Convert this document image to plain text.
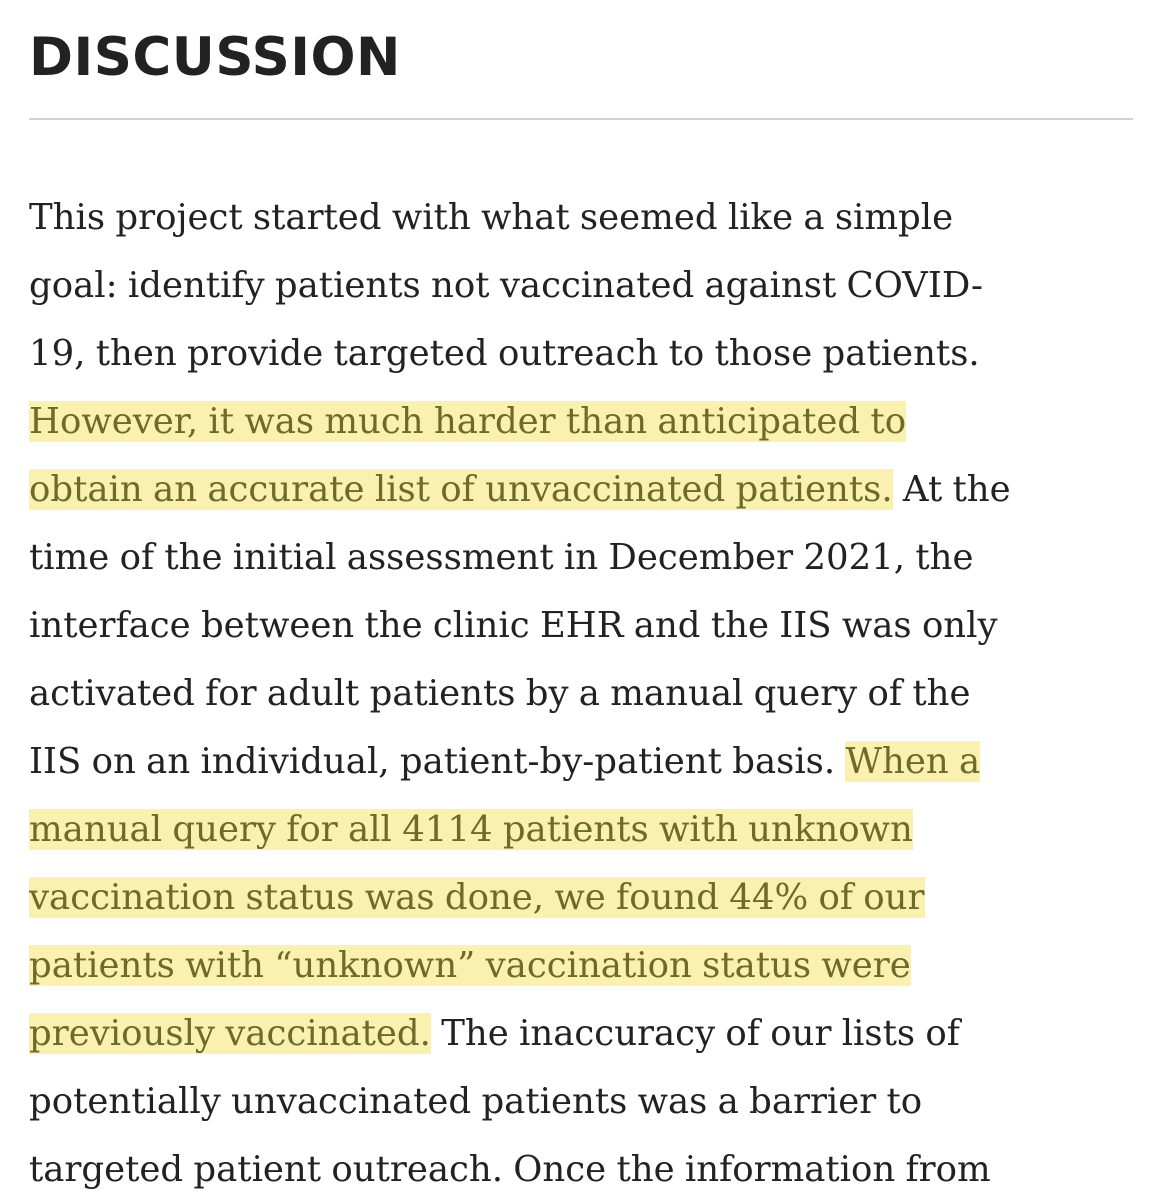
DISCUSSION

This project started with what seemed like a simple
goal: identify patients not vaccinated against COVID-
19, then provide targeted outreach to those patients.
However, it was much harder than anticipated to
obtain an accurate list of unvaccinated patients. At the
time of the initial assessment in December 2021, the
interface between the clinic EHR and the IIS was only
activated for adult patients by a manual query of the
IIS on an individual, patient-by-patient basis. When a
manual query for all 4114 patients with unknown
vaccination status was done, we found 44% of our
patients with “unknown” vaccination status were
previously vaccinated. The inaccuracy of our lists of
potentially unvaccinated patients was a barrier to
targeted patient outreach. Once the information from
